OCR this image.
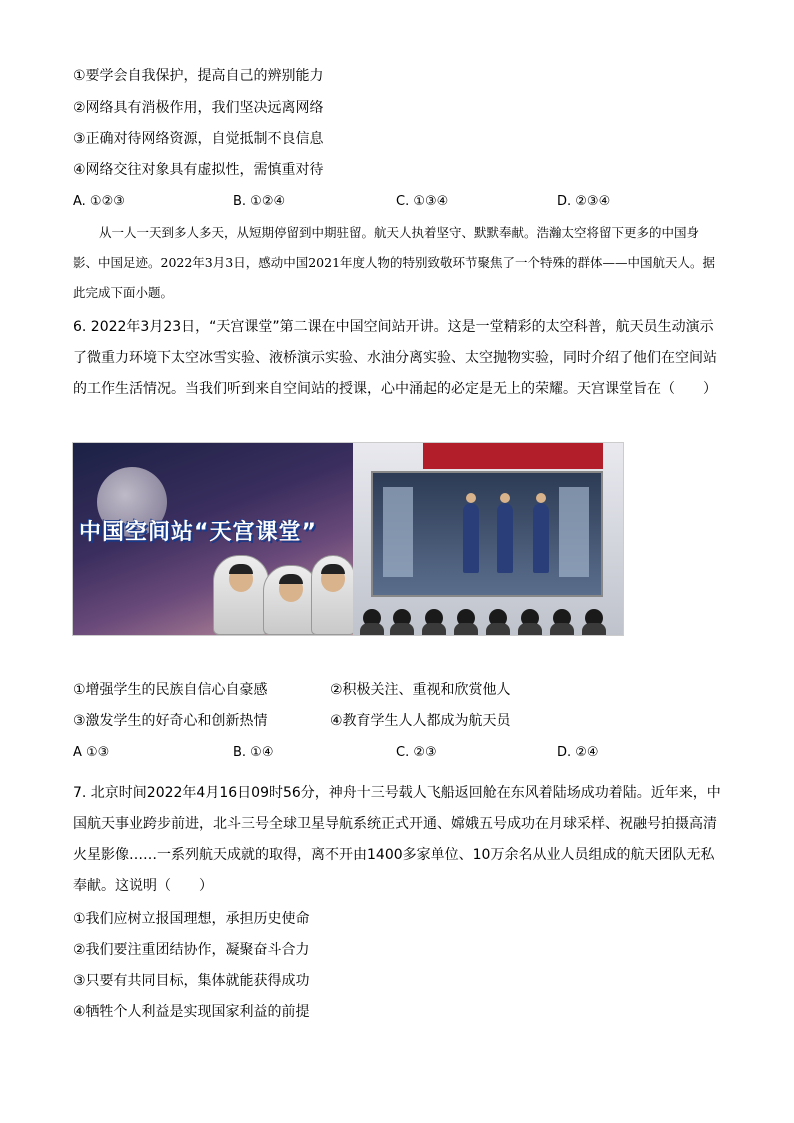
①要学会自我保护，提高自己的辨别能力
②网络具有消极作用，我们坚决远离网络
③正确对待网络资源，自觉抵制不良信息
④网络交往对象具有虚拟性，需慎重对待
A. ①②③	B. ①②④	C. ①③④	D. ②③④
从一人一天到多人多天，从短期停留到中期驻留。航天人执着坚守、默默奉献。浩瀚太空将留下更多的中国身影、中国足迹。2022年3月3日，感动中国2021年度人物的特别致敬环节聚焦了一个特殊的群体——中国航天人。据此完成下面小题。
6. 2022年3月23日，“天宫课堂”第二课在中国空间站开讲。这是一堂精彩的太空科普，航天员生动演示了微重力环境下太空冰雪实验、液桥演示实验、水油分离实验、太空抛物实验，同时介绍了他们在空间站的工作生活情况。当我们听到来自空间站的授课，心中涌起的必定是无上的荣耀。天宫课堂旨在（　　）
中国空间站“天宫课堂”
①增强学生的民族自信心自豪感	②积极关注、重视和欣赏他人
③激发学生的好奇心和创新热情	④教育学生人人都成为航天员
A ①③	B. ①④	C. ②③	D. ②④
7. 北京时间2022年4月16日09时56分，神舟十三号载人飞船返回舱在东风着陆场成功着陆。近年来，中国航天事业跨步前进，北斗三号全球卫星导航系统正式开通、嫦娥五号成功在月球采样、祝融号拍摄高清火星影像……一系列航天成就的取得，离不开由1400多家单位、10万余名从业人员组成的航天团队无私奉献。这说明（　　）
①我们应树立报国理想，承担历史使命
②我们要注重团结协作，凝聚奋斗合力
③只要有共同目标，集体就能获得成功
④牺牲个人利益是实现国家利益的前提
